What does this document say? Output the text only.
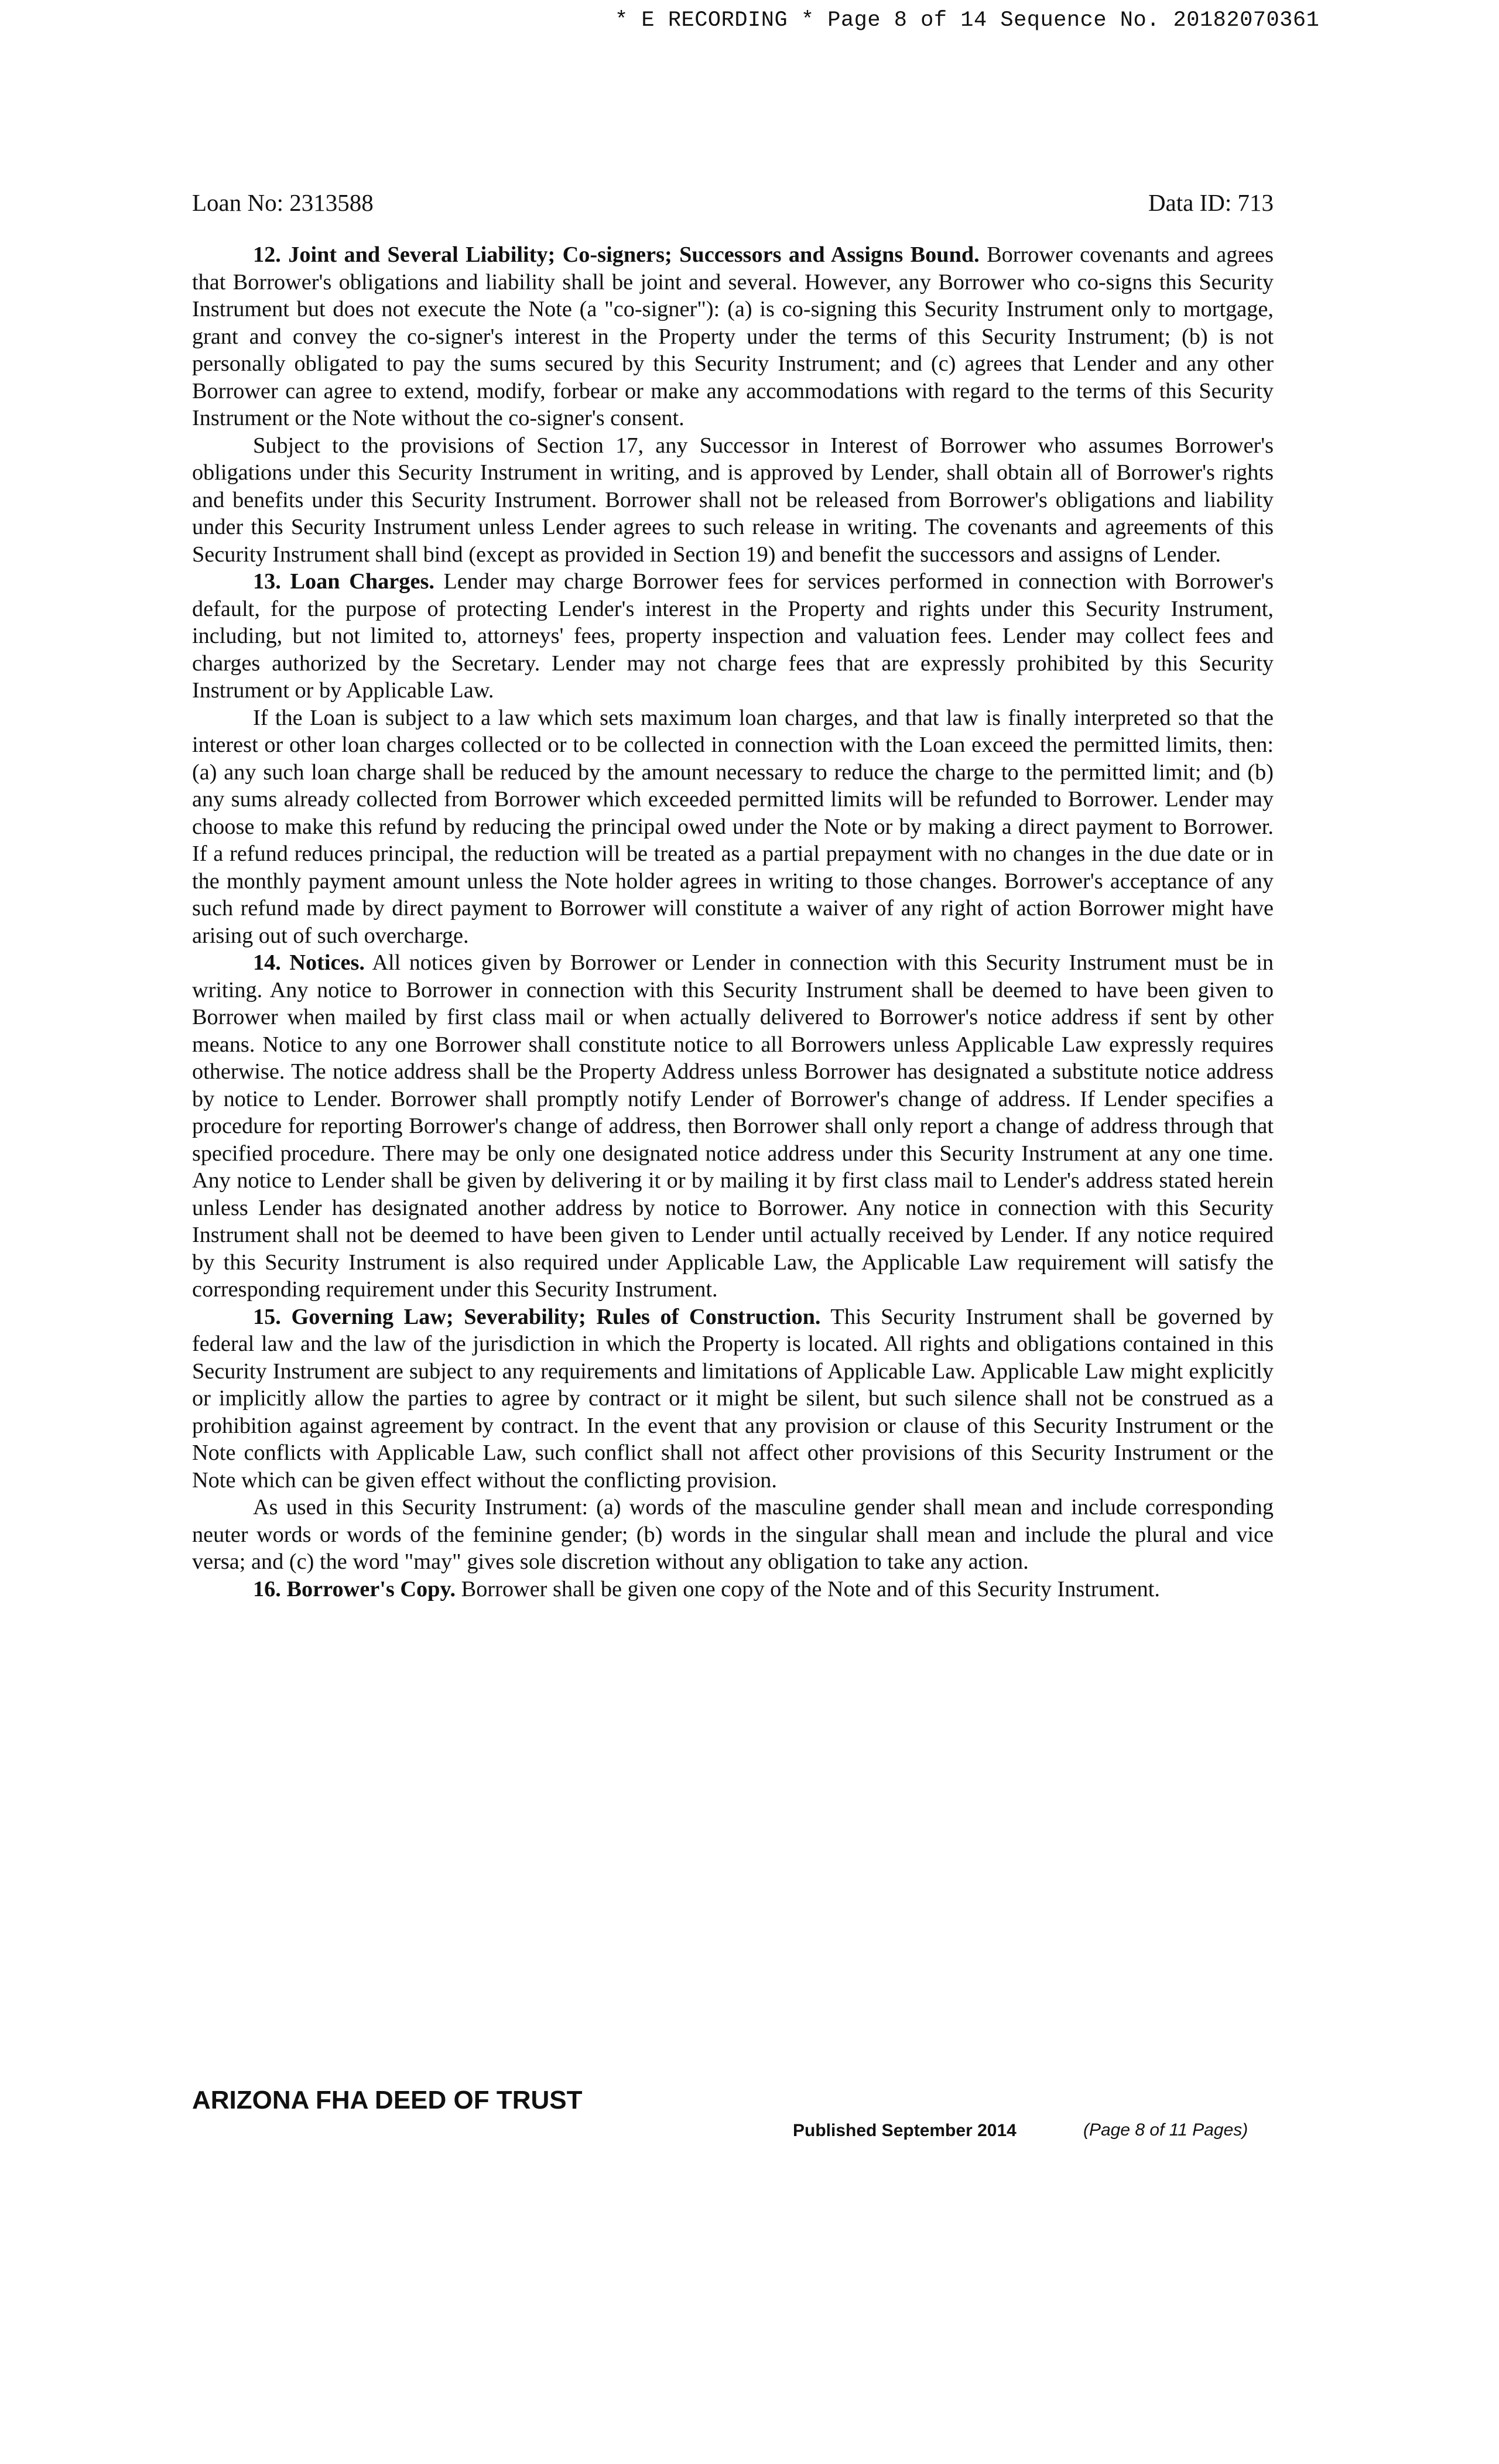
* E RECORDING * Page 8 of 14 Sequence No. 20182070361
Loan No: 2313588	Data ID: 713

12. Joint and Several Liability; Co-signers; Successors and Assigns Bound. Borrower covenants and agrees that Borrower's obligations and liability shall be joint and several. However, any Borrower who co-signs this Security Instrument but does not execute the Note (a "co-signer"): (a) is co-signing this Security Instrument only to mortgage, grant and convey the co-signer's interest in the Property under the terms of this Security Instrument; (b) is not personally obligated to pay the sums secured by this Security Instrument; and (c) agrees that Lender and any other Borrower can agree to extend, modify, forbear or make any accommodations with regard to the terms of this Security Instrument or the Note without the co-signer's consent.

Subject to the provisions of Section 17, any Successor in Interest of Borrower who assumes Borrower's obligations under this Security Instrument in writing, and is approved by Lender, shall obtain all of Borrower's rights and benefits under this Security Instrument. Borrower shall not be released from Borrower's obligations and liability under this Security Instrument unless Lender agrees to such release in writing. The covenants and agreements of this Security Instrument shall bind (except as provided in Section 19) and benefit the successors and assigns of Lender.

13. Loan Charges. Lender may charge Borrower fees for services performed in connection with Borrower's default, for the purpose of protecting Lender's interest in the Property and rights under this Security Instrument, including, but not limited to, attorneys' fees, property inspection and valuation fees. Lender may collect fees and charges authorized by the Secretary. Lender may not charge fees that are expressly prohibited by this Security Instrument or by Applicable Law.

If the Loan is subject to a law which sets maximum loan charges, and that law is finally interpreted so that the interest or other loan charges collected or to be collected in connection with the Loan exceed the permitted limits, then: (a) any such loan charge shall be reduced by the amount necessary to reduce the charge to the permitted limit; and (b) any sums already collected from Borrower which exceeded permitted limits will be refunded to Borrower. Lender may choose to make this refund by reducing the principal owed under the Note or by making a direct payment to Borrower. If a refund reduces principal, the reduction will be treated as a partial prepayment with no changes in the due date or in the monthly payment amount unless the Note holder agrees in writing to those changes. Borrower's acceptance of any such refund made by direct payment to Borrower will constitute a waiver of any right of action Borrower might have arising out of such overcharge.

14. Notices. All notices given by Borrower or Lender in connection with this Security Instrument must be in writing. Any notice to Borrower in connection with this Security Instrument shall be deemed to have been given to Borrower when mailed by first class mail or when actually delivered to Borrower's notice address if sent by other means. Notice to any one Borrower shall constitute notice to all Borrowers unless Applicable Law expressly requires otherwise. The notice address shall be the Property Address unless Borrower has designated a substitute notice address by notice to Lender. Borrower shall promptly notify Lender of Borrower's change of address. If Lender specifies a procedure for reporting Borrower's change of address, then Borrower shall only report a change of address through that specified procedure. There may be only one designated notice address under this Security Instrument at any one time. Any notice to Lender shall be given by delivering it or by mailing it by first class mail to Lender's address stated herein unless Lender has designated another address by notice to Borrower. Any notice in connection with this Security Instrument shall not be deemed to have been given to Lender until actually received by Lender. If any notice required by this Security Instrument is also required under Applicable Law, the Applicable Law requirement will satisfy the corresponding requirement under this Security Instrument.

15. Governing Law; Severability; Rules of Construction. This Security Instrument shall be governed by federal law and the law of the jurisdiction in which the Property is located. All rights and obligations contained in this Security Instrument are subject to any requirements and limitations of Applicable Law. Applicable Law might explicitly or implicitly allow the parties to agree by contract or it might be silent, but such silence shall not be construed as a prohibition against agreement by contract. In the event that any provision or clause of this Security Instrument or the Note conflicts with Applicable Law, such conflict shall not affect other provisions of this Security Instrument or the Note which can be given effect without the conflicting provision.

As used in this Security Instrument: (a) words of the masculine gender shall mean and include corresponding neuter words or words of the feminine gender; (b) words in the singular shall mean and include the plural and vice versa; and (c) the word "may" gives sole discretion without any obligation to take any action.

16. Borrower's Copy. Borrower shall be given one copy of the Note and of this Security Instrument.

ARIZONA FHA DEED OF TRUST
Published September 2014	(Page 8 of 11 Pages)
